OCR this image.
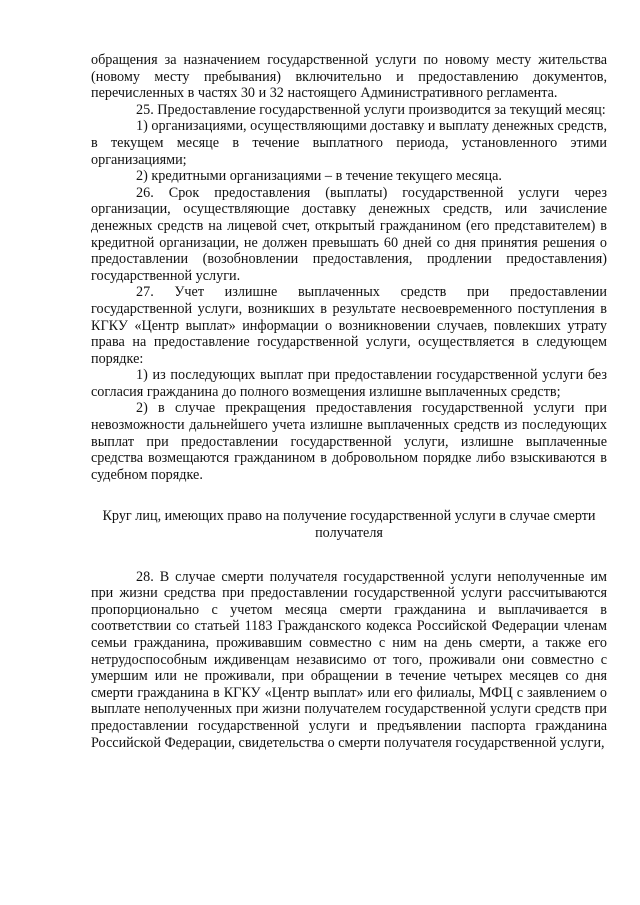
обращения за назначением государственной услуги по новому месту жительства (новому месту пребывания) включительно и предоставлению документов, перечисленных в частях 30 и 32 настоящего Административного регламента.

25. Предоставление государственной услуги производится за текущий месяц:

1) организациями, осуществляющими доставку и выплату денежных средств, в текущем месяце в течение выплатного периода, установленного этими организациями;

2) кредитными организациями – в течение текущего месяца.

26. Срок предоставления (выплаты) государственной услуги через организации, осуществляющие доставку денежных средств, или зачисление денежных средств на лицевой счет, открытый гражданином (его представителем) в кредитной организации, не должен превышать 60 дней со дня принятия решения о предоставлении (возобновлении предоставления, продлении предоставления) государственной услуги.

27. Учет излишне выплаченных средств при предоставлении государственной услуги, возникших в результате несвоевременного поступления в КГКУ «Центр выплат» информации о возникновении случаев, повлекших утрату права на предоставление государственной услуги, осуществляется в следующем порядке:

1) из последующих выплат при предоставлении государственной услуги без согласия гражданина до полного возмещения излишне выплаченных средств;

2) в случае прекращения предоставления государственной услуги при невозможности дальнейшего учета излишне выплаченных средств из последующих выплат при предоставлении государственной услуги, излишне выплаченные средства возмещаются гражданином в добровольном порядке либо взыскиваются в судебном порядке.

Круг лиц, имеющих право на получение государственной услуги в случае смерти получателя

28. В случае смерти получателя государственной услуги неполученные им при жизни средства при предоставлении государственной услуги рассчитываются пропорционально с учетом месяца смерти гражданина и выплачивается в соответствии со статьей 1183 Гражданского кодекса Российской Федерации членам семьи гражданина, проживавшим совместно с ним на день смерти, а также его нетрудоспособным иждивенцам независимо от того, проживали они совместно с умершим или не проживали, при обращении в течение четырех месяцев со дня смерти гражданина в КГКУ «Центр выплат» или его филиалы, МФЦ с заявлением о выплате неполученных при жизни получателем государственной услуги средств при предоставлении государственной услуги и предъявлении паспорта гражданина Российской Федерации, свидетельства о смерти получателя государственной услуги,
